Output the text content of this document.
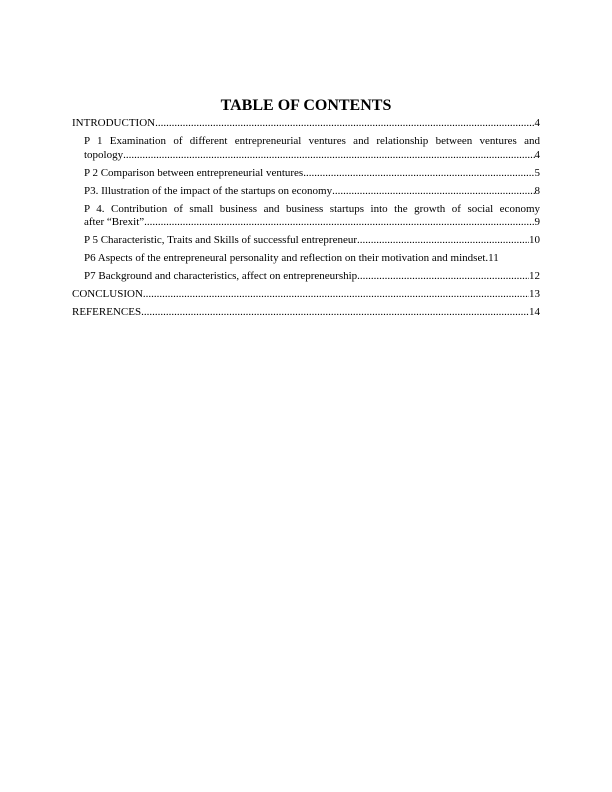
TABLE OF CONTENTS
INTRODUCTION .....	4
P 1 Examination of different entrepreneurial ventures and relationship between ventures and
topology .....	4
P 2 Comparison between entrepreneurial ventures .....	5
P3. Illustration of the impact of the startups on economy .....	8
P 4. Contribution of small business and business startups into the growth of social economy
after “Brexit” .....	9
P 5 Characteristic, Traits and Skills of successful entrepreneur .....	10
P6 Aspects of the entrepreneural personality and reflection on their motivation and mindset. 11
P7 Background and characteristics, affect on entrepreneurship .....	12
CONCLUSION .....	13
REFERENCES .....	14
